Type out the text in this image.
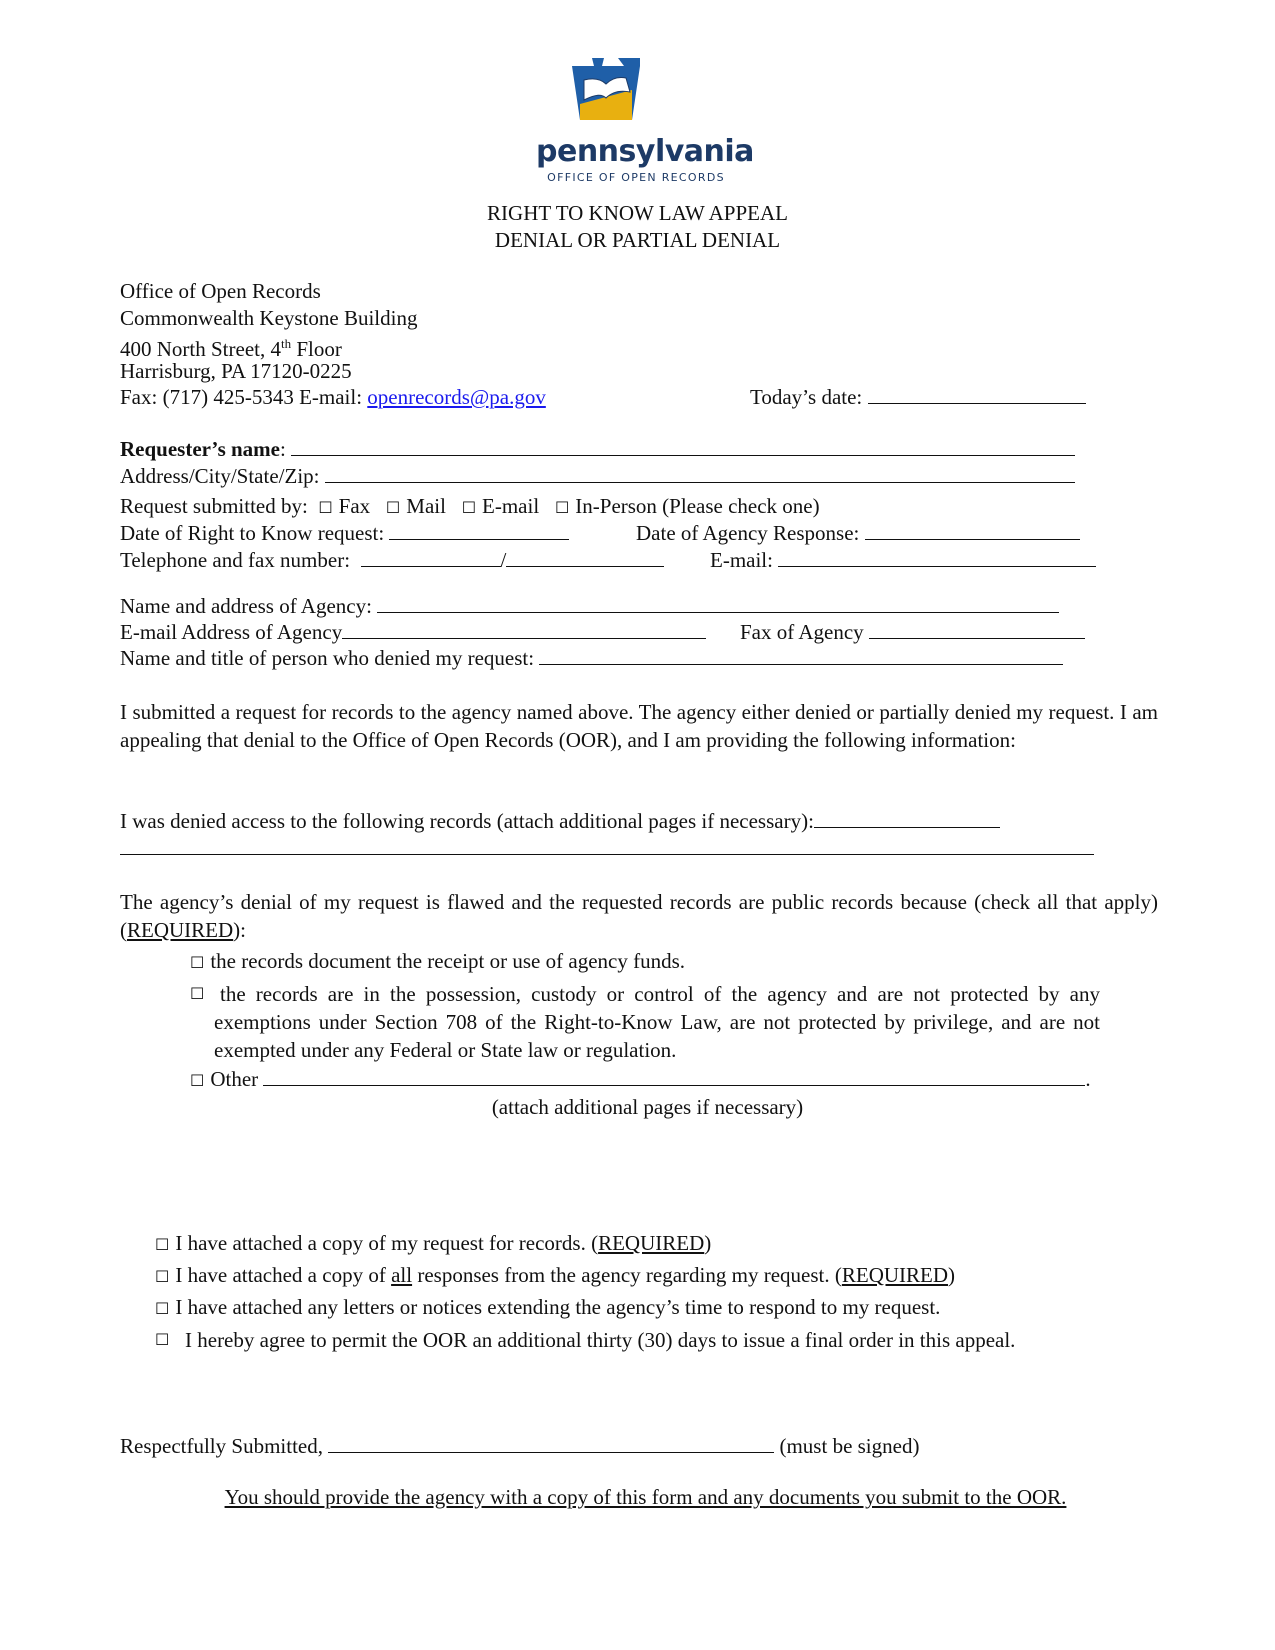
pennsylvania
OFFICE OF OPEN RECORDS
RIGHT TO KNOW LAW APPEAL
DENIAL OR PARTIAL DENIAL
Office of Open Records
Commonwealth Keystone Building
400 North Street, 4th Floor
Harrisburg, PA 17120-0225
Fax: (717) 425-5343 E-mail: openrecords@pa.gov	Today’s date:
Requester’s name:
Address/City/State/Zip:
Request submitted by: ☐ Fax ☐ Mail ☐ E-mail ☐ In-Person (Please check one)
Date of Right to Know request:	Date of Agency Response:
Telephone and fax number:	/	E-mail:
Name and address of Agency:
E-mail Address of Agency	Fax of Agency
Name and title of person who denied my request:
I submitted a request for records to the agency named above. The agency either denied or partially denied my request. I am appealing that denial to the Office of Open Records (OOR), and I am providing the following information:
I was denied access to the following records (attach additional pages if necessary):
The agency’s denial of my request is flawed and the requested records are public records because (check all that apply) (REQUIRED):
☐ the records document the receipt or use of agency funds.
☐ the records are in the possession, custody or control of the agency and are not protected by any exemptions under Section 708 of the Right-to-Know Law, are not protected by privilege, and are not exempted under any Federal or State law or regulation.
☐ Other	.
(attach additional pages if necessary)
☐ I have attached a copy of my request for records. (REQUIRED)
☐ I have attached a copy of all responses from the agency regarding my request. (REQUIRED)
☐ I have attached any letters or notices extending the agency’s time to respond to my request.
☐ I hereby agree to permit the OOR an additional thirty (30) days to issue a final order in this appeal.
Respectfully Submitted,	(must be signed)
You should provide the agency with a copy of this form and any documents you submit to the OOR.
